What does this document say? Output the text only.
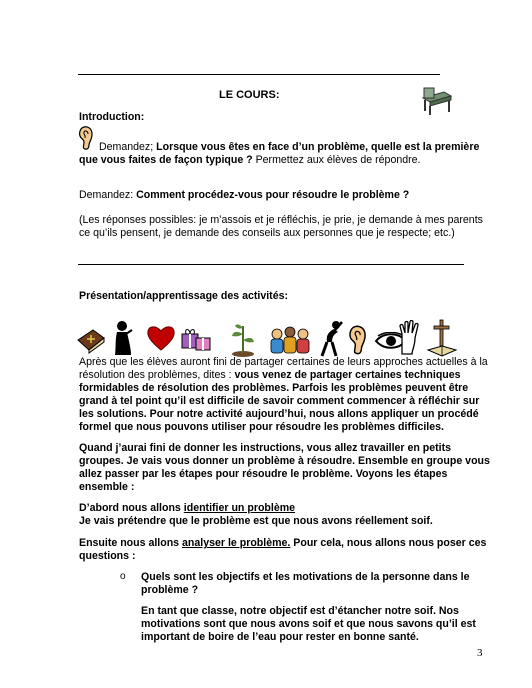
LE COURS:
Introduction:
Demandez; Lorsque vous êtes en face d’un problème, quelle est la première
que vous faites de façon typique ? Permettez aux élèves de répondre.
Demandez: Comment procédez-vous pour résoudre le problème ?
(Les réponses possibles: je m’assois et je réfléchis, je prie, je demande à mes parents
ce qu’ils pensent, je demande des conseils aux personnes que je respecte; etc.)
Présentation/apprentissage des activités:
Après que les élèves auront fini de partager certaines de leurs approches actuelles à la
résolution des problèmes, dites : vous venez de partager certaines techniques
formidables de résolution des problèmes. Parfois les problèmes peuvent être
grand à tel point qu’il est difficile de savoir comment commencer à réfléchir sur
les solutions. Pour notre activité aujourd’hui, nous allons appliquer un procédé
formel que nous pouvons utiliser pour résoudre les problèmes difficiles.
Quand j’aurai fini de donner les instructions, vous allez travailler en petits
groupes. Je vais vous donner un problème à résoudre. Ensemble en groupe vous
allez passer par les étapes pour résoudre le problème. Voyons les étapes
ensemble :
D’abord nous allons identifier un problème
Je vais prétendre que le problème est que nous avons réellement soif.
Ensuite nous allons analyser le problème. Pour cela, nous allons nous poser ces
questions :
o Quels sont les objectifs et les motivations de la personne dans le
problème ?
En tant que classe, notre objectif est d’étancher notre soif. Nos
motivations sont que nous avons soif et que nous savons qu’il est
important de boire de l’eau pour rester en bonne santé.
3
